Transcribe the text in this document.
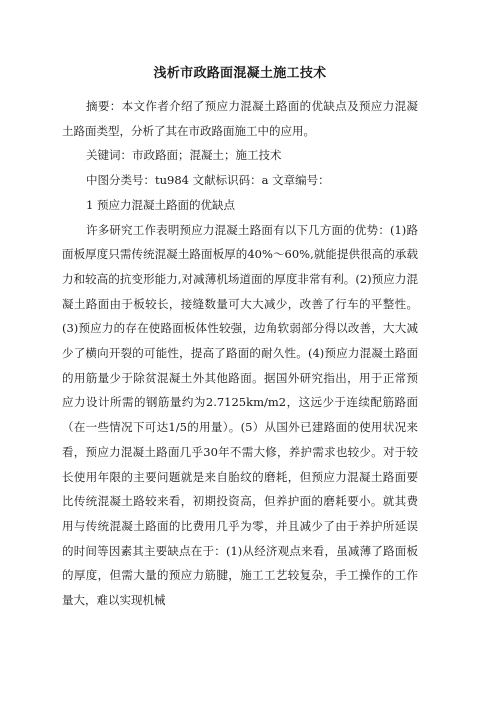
浅析市政路面混凝土施工技术

摘要：本文作者介绍了预应力混凝土路面的优缺点及预应力混凝土路面类型，分析了其在市政路面施工中的应用。

关键词：市政路面；混凝土；施工技术

中图分类号：tu984 文献标识码：a 文章编号：

1 预应力混凝土路面的优缺点

许多研究工作表明预应力混凝土路面有以下几方面的优势：(1)路面板厚度只需传统混凝土路面板厚的40%～60%,就能提供很高的承载力和较高的抗变形能力,对减薄机场道面的厚度非常有利。(2)预应力混凝土路面由于板较长，接缝数量可大大减少，改善了行车的平整性。(3)预应力的存在使路面板体性较强，边角软弱部分得以改善，大大减少了横向开裂的可能性，提高了路面的耐久性。(4)预应力混凝土路面的用筋量少于除贫混凝土外其他路面。据国外研究指出，用于正常预应力设计所需的钢筋量约为2.7125km/m2，这远少于连续配筋路面（在一些情况下可达1/5的用量）。(5）从国外已建路面的使用状况来看，预应力混凝土路面几乎30年不需大修，养护需求也较少。对于较长使用年限的主要问题就是来自胎纹的磨耗，但预应力混凝土路面要比传统混凝土路较来看，初期投资高，但养护面的磨耗要小。就其费用与传统混凝土路面的比费用几乎为零，并且减少了由于养护所延误的时间等因素其主要缺点在于：(1)从经济观点来看，虽减薄了路面板的厚度，但需大量的预应力筋腱，施工工艺较复杂，手工操作的工作量大，难以实现机械
